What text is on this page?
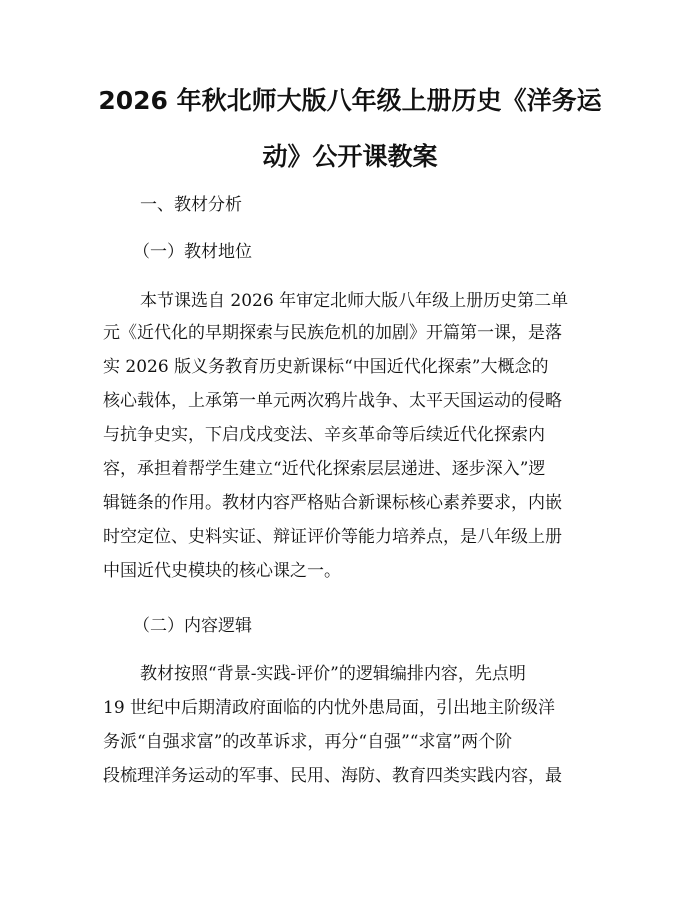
2026 年秋北师大版八年级上册历史《洋务运
动》公开课教案
一、教材分析
（一）教材地位
本节课选自 2026 年审定北师大版八年级上册历史第二单
元《近代化的早期探索与民族危机的加剧》开篇第一课，是落
实 2026 版义务教育历史新课标“中国近代化探索”大概念的
核心载体，上承第一单元两次鸦片战争、太平天国运动的侵略
与抗争史实，下启戊戌变法、辛亥革命等后续近代化探索内
容，承担着帮学生建立“近代化探索层层递进、逐步深入”逻
辑链条的作用。教材内容严格贴合新课标核心素养要求，内嵌
时空定位、史料实证、辩证评价等能力培养点，是八年级上册
中国近代史模块的核心课之一。
（二）内容逻辑
教材按照“背景-实践-评价”的逻辑编排内容，先点明
19 世纪中后期清政府面临的内忧外患局面，引出地主阶级洋
务派“自强求富”的改革诉求，再分“自强”“求富”两个阶
段梳理洋务运动的军事、民用、海防、教育四类实践内容，最
